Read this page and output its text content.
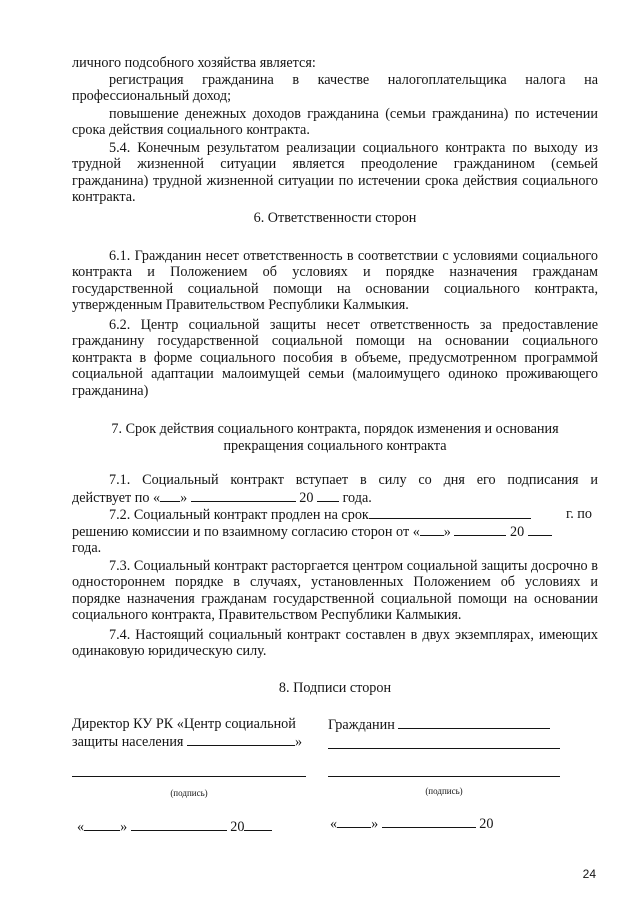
личного подсобного хозяйства является:

регистрация гражданина в качестве налогоплательщика налога на профессиональный доход;

повышение денежных доходов гражданина (семьи гражданина) по истечении срока действия социального контракта.

5.4. Конечным результатом реализации социального контракта по выходу из трудной жизненной ситуации является преодоление гражданином (семьей гражданина) трудной жизненной ситуации по истечении срока действия социального контракта.

6. Ответственности сторон

6.1. Гражданин несет ответственность в соответствии с условиями социального контракта и Положением об условиях и порядке назначения гражданам государственной социальной помощи на основании социального контракта, утвержденным Правительством Республики Калмыкия.

6.2. Центр социальной защиты несет ответственность за предоставление гражданину государственной социальной помощи на основании социального контракта в форме социального пособия в объеме, предусмотренном программой социальной адаптации малоимущей семьи (малоимущего одиноко проживающего гражданина)

7. Срок действия социального контракта, порядок изменения и основания

прекращения социального контракта

7.1. Социальный контракт вступает в силу со дня его подписания и

действует по « »	20 года.

7.2. Социальный контракт продлен на срок	г. по

решению комиссии и по взаимному согласию сторон от « »	20

года.

7.3. Социальный контракт расторгается центром социальной защиты досрочно в одностороннем порядке в случаях, установленных Положением об условиях и порядке назначения гражданам государственной социальной помощи на основании социального контракта, Правительством Республики Калмыкия.

7.4. Настоящий социальный контракт составлен в двух экземплярах, имеющих одинаковую юридическую силу.

8. Подписи сторон

Директор КУ РК «Центр социальной

защиты населения	»

Гражданин

(подпись)	(подпись)

«	»	20	« »	20

24
